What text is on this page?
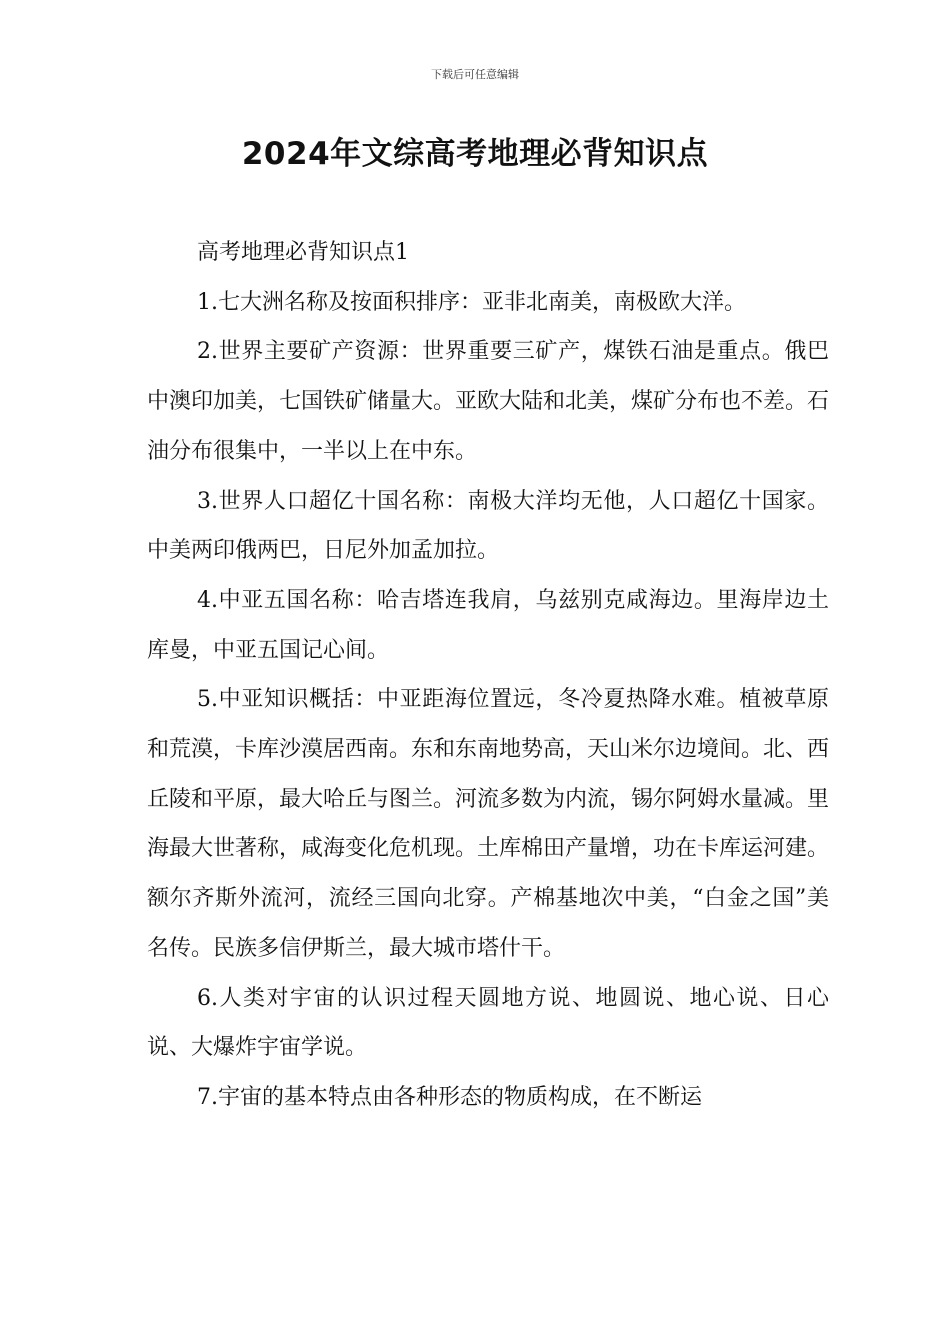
下载后可任意编辑
2024年文综高考地理必背知识点

高考地理必背知识点1

1.七大洲名称及按面积排序：亚非北南美，南极欧大洋。

2.世界主要矿产资源：世界重要三矿产，煤铁石油是重点。俄巴中澳印加美，七国铁矿储量大。亚欧大陆和北美，煤矿分布也不差。石油分布很集中，一半以上在中东。

3.世界人口超亿十国名称：南极大洋均无他，人口超亿十国家。中美两印俄两巴，日尼外加孟加拉。

4.中亚五国名称：哈吉塔连我肩，乌兹别克咸海边。里海岸边土库曼，中亚五国记心间。

5.中亚知识概括：中亚距海位置远，冬冷夏热降水难。植被草原和荒漠，卡库沙漠居西南。东和东南地势高，天山米尔边境间。北、西丘陵和平原，最大哈丘与图兰。河流多数为内流，锡尔阿姆水量减。里海最大世著称，咸海变化危机现。土库棉田产量增，功在卡库运河建。额尔齐斯外流河，流经三国向北穿。产棉基地次中美，“白金之国”美名传。民族多信伊斯兰，最大城市塔什干。

6.人类对宇宙的认识过程天圆地方说、地圆说、地心说、日心说、大爆炸宇宙学说。

7.宇宙的基本特点由各种形态的物质构成，在不断运
